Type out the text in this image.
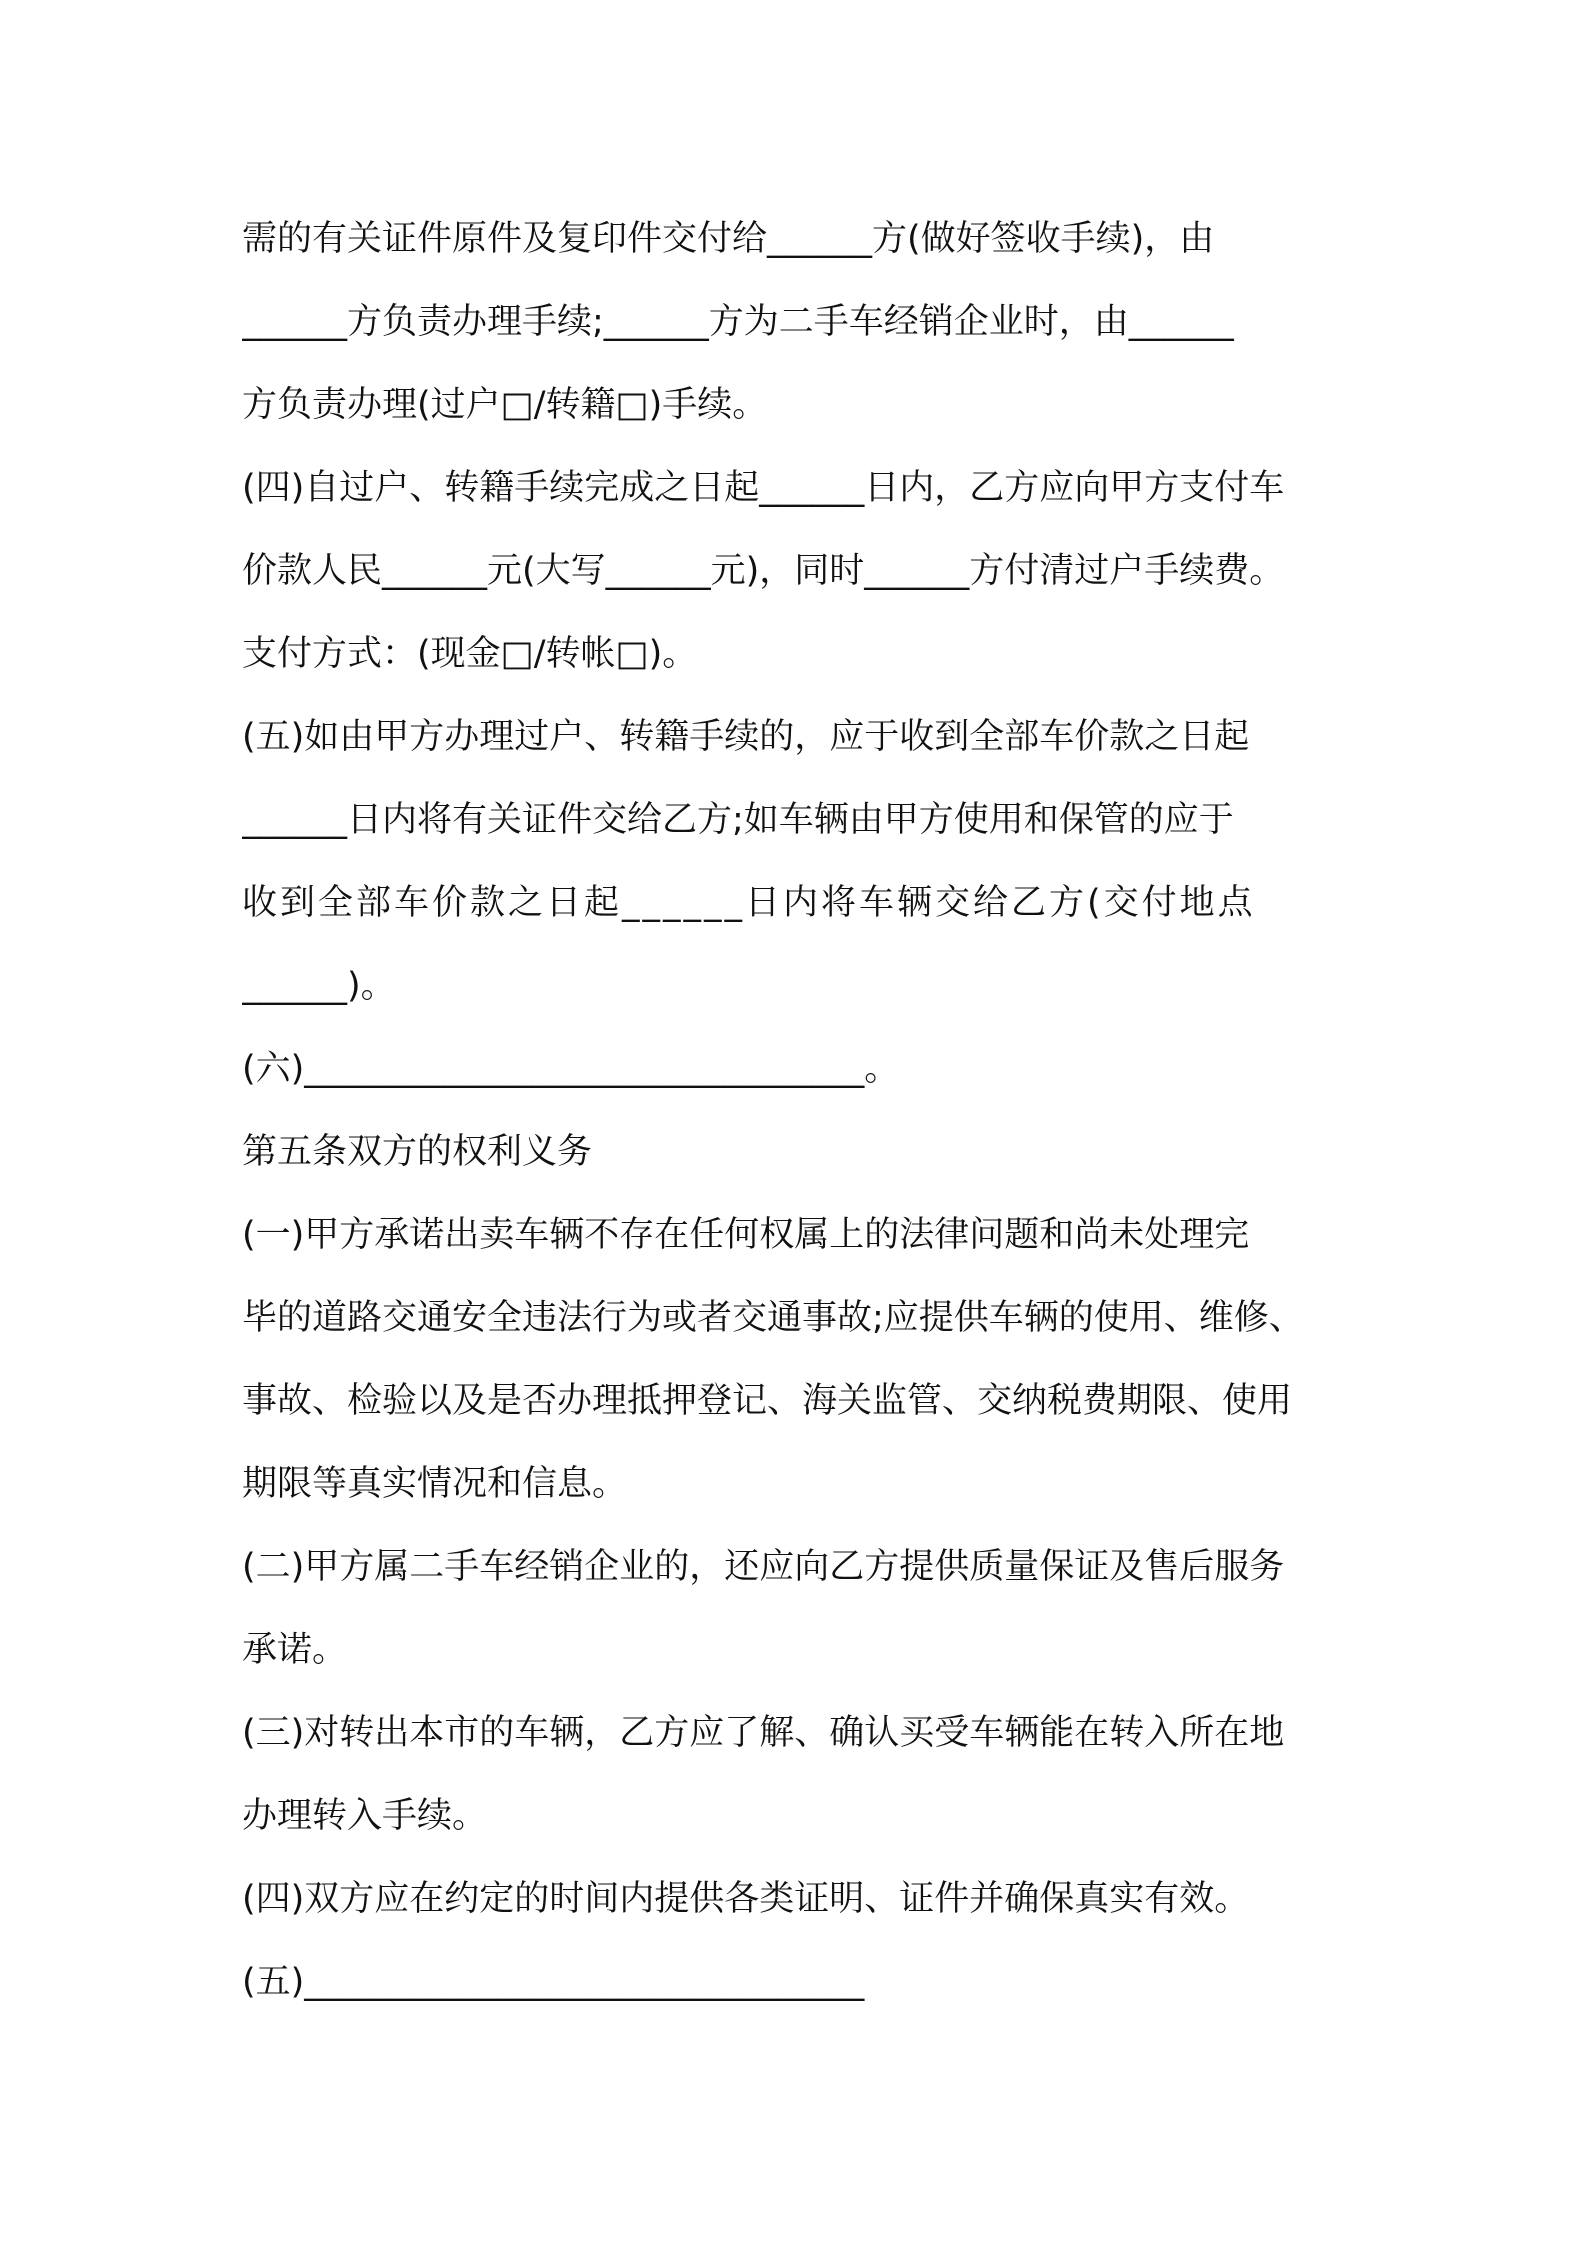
需的有关证件原件及复印件交付给______方(做好签收手续)，由
______方负责办理手续;______方为二手车经销企业时，由______
方负责办理(过户□/转籍□)手续。
(四)自过户、转籍手续完成之日起______日内，乙方应向甲方支付车
价款人民______元(大写______元)，同时______方付清过户手续费。
支付方式：(现金□/转帐□)。
(五)如由甲方办理过户、转籍手续的，应于收到全部车价款之日起
______日内将有关证件交给乙方;如车辆由甲方使用和保管的应于
收到全部车价款之日起______日内将车辆交给乙方(交付地点
______)。
(六)________________________________。
第五条双方的权利义务
(一)甲方承诺出卖车辆不存在任何权属上的法律问题和尚未处理完
毕的道路交通安全违法行为或者交通事故;应提供车辆的使用、维修、
事故、检验以及是否办理抵押登记、海关监管、交纳税费期限、使用
期限等真实情况和信息。
(二)甲方属二手车经销企业的，还应向乙方提供质量保证及售后服务
承诺。
(三)对转出本市的车辆，乙方应了解、确认买受车辆能在转入所在地
办理转入手续。
(四)双方应在约定的时间内提供各类证明、证件并确保真实有效。
(五)________________________________
